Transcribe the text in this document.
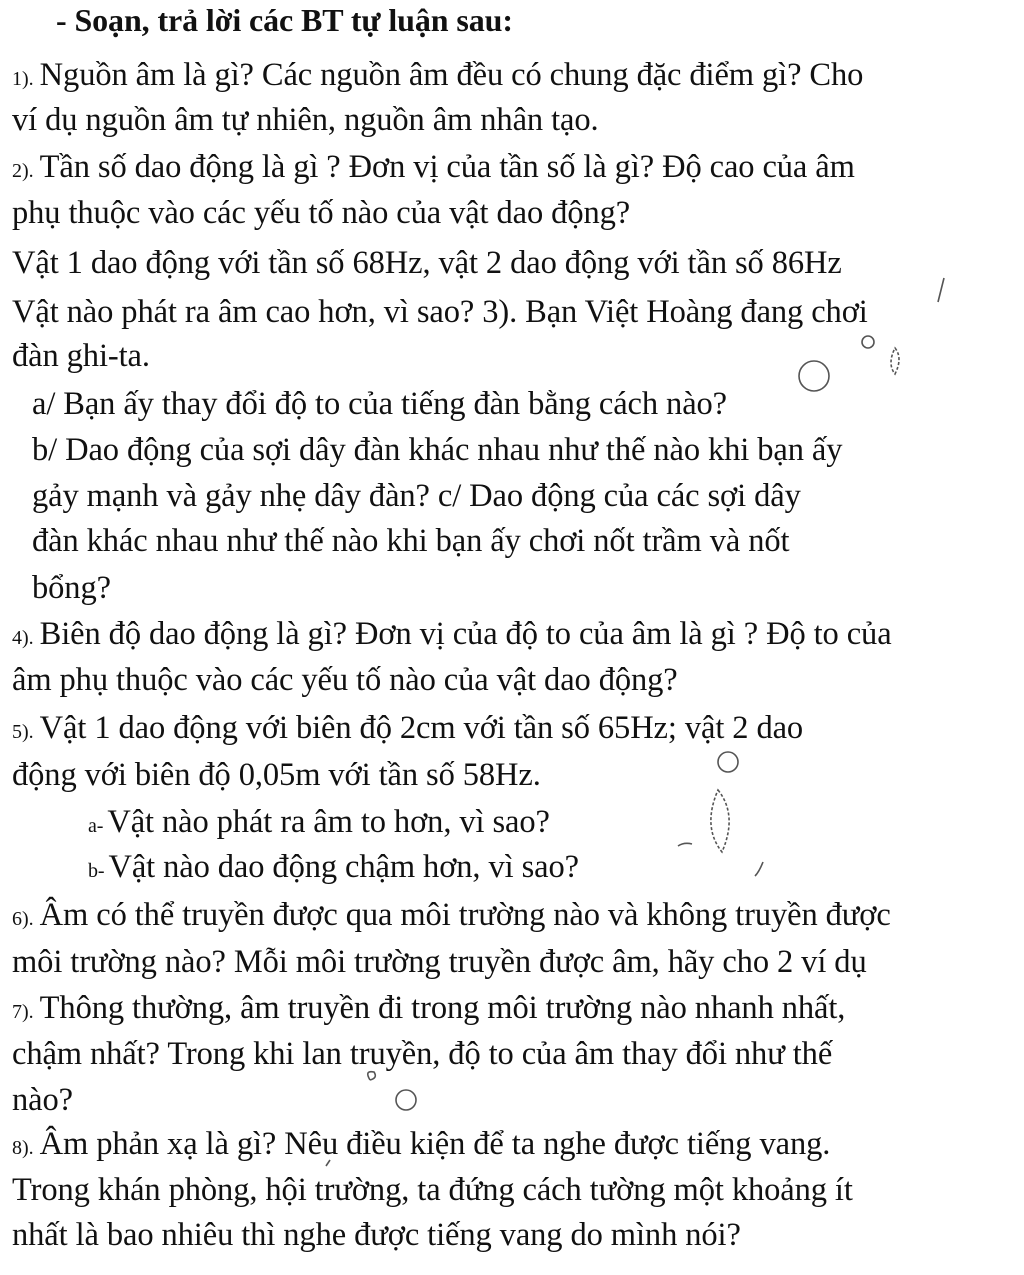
- Soạn, trả lời các BT tự luận sau:
1). Nguồn âm là gì? Các nguồn âm đều có chung đặc điểm gì? Cho
ví dụ nguồn âm tự nhiên, nguồn âm nhân tạo.
2). Tần số dao động là gì ? Đơn vị của tần số là gì? Độ cao của âm
phụ thuộc vào các yếu tố nào của vật dao động?
Vật 1 dao động với tần số 68Hz, vật 2 dao động với tần số 86Hz
Vật nào phát ra âm cao hơn, vì sao? 3). Bạn Việt Hoàng đang chơi
đàn ghi-ta.
a/ Bạn ấy thay đổi độ to của tiếng đàn bằng cách nào?
b/ Dao động của sợi dây đàn khác nhau như thế nào khi bạn ấy
gảy mạnh và gảy nhẹ dây đàn? c/ Dao động của các sợi dây
đàn khác nhau như thế nào khi bạn ấy chơi nốt trầm và nốt
bổng?
4). Biên độ dao động là gì? Đơn vị của độ to của âm là gì ? Độ to của
âm phụ thuộc vào các yếu tố nào của vật dao động?
5). Vật 1 dao động với biên độ 2cm với tần số 65Hz; vật 2 dao
động với biên độ 0,05m với tần số 58Hz.
a- Vật nào phát ra âm to hơn, vì sao?
b- Vật nào dao động chậm hơn, vì sao?
6). Âm có thể truyền được qua môi trường nào và không truyền được
môi trường nào? Mỗi môi trường truyền được âm, hãy cho 2 ví dụ
7). Thông thường, âm truyền đi trong môi trường nào nhanh nhất,
chậm nhất? Trong khi lan truyền, độ to của âm thay đổi như thế
nào?
8). Âm phản xạ là gì? Nêu điều kiện để ta nghe được tiếng vang.
Trong khán phòng, hội trường, ta đứng cách tường một khoảng ít
nhất là bao nhiêu thì nghe được tiếng vang do mình nói?
